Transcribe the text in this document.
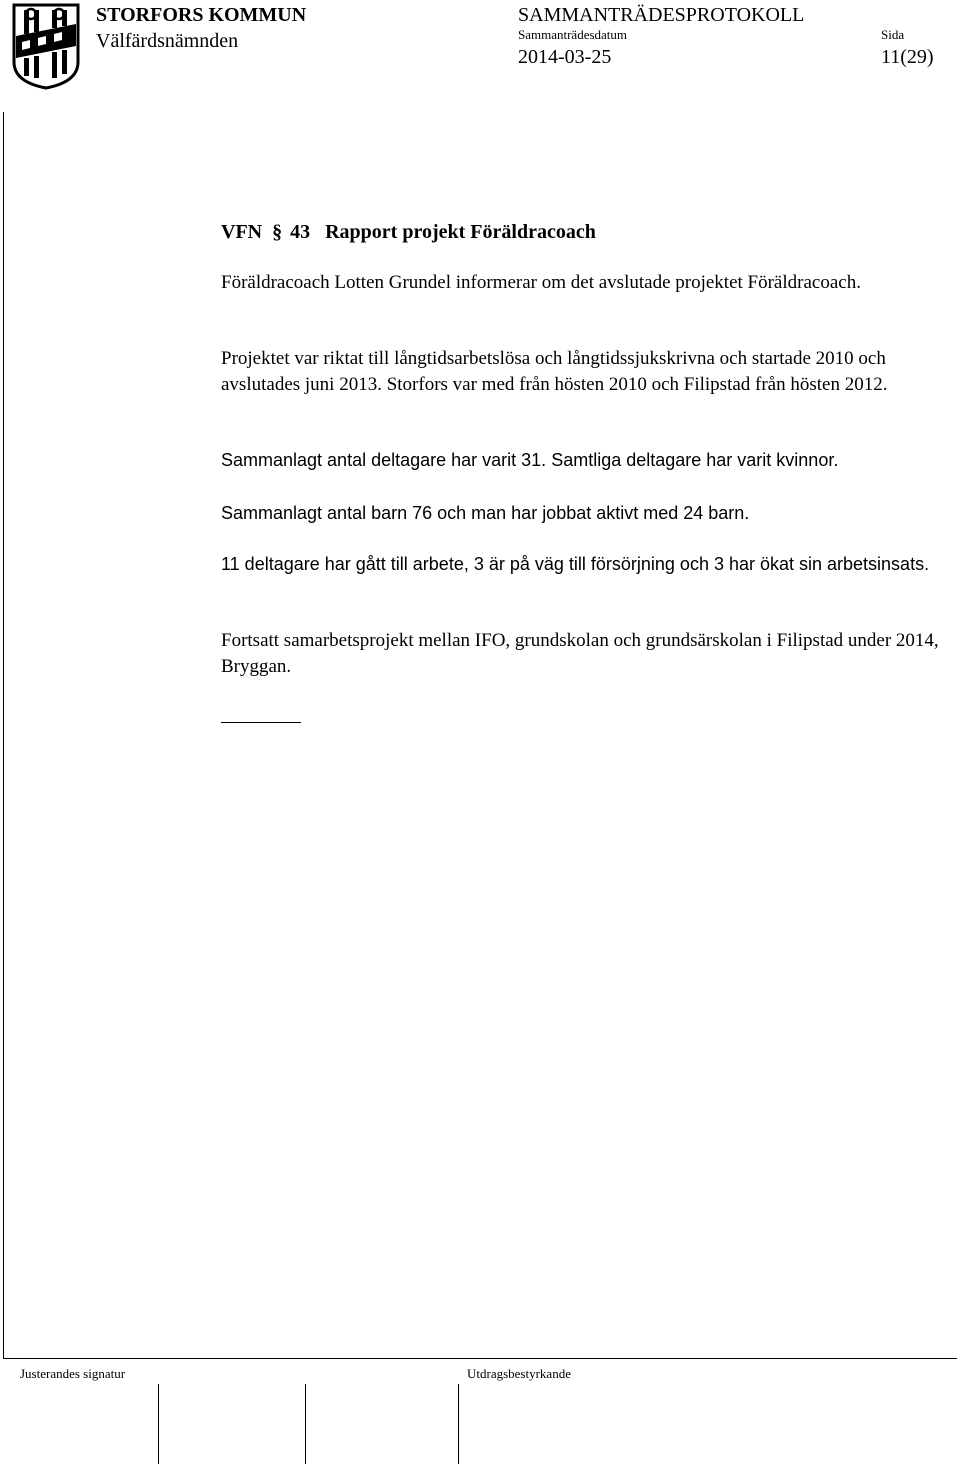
STORFORS KOMMUN
Välfärdsnämnden
SAMMANTRÄDESPROTOKOLL
Sammanträdesdatum	Sida
2014-03-25	11(29)
VFN § 43 Rapport projekt Föräldracoach

Föräldracoach Lotten Grundel informerar om det avslutade projektet Föräldracoach.

Projektet var riktat till långtidsarbetslösa och långtidssjukskrivna och startade 2010 och avslutades juni 2013. Storfors var med från hösten 2010 och Filipstad från hösten 2012.

Sammanlagt antal deltagare har varit 31. Samtliga deltagare har varit kvinnor.

Sammanlagt antal barn 76 och man har jobbat aktivt med 24 barn.

11 deltagare har gått till arbete, 3 är på väg till försörjning och 3 har ökat sin arbetsinsats.

Fortsatt samarbetsprojekt mellan IFO, grundskolan och grundsärskolan i Filipstad under 2014, Bryggan.

Justerandes signatur	Utdragsbestyrkande
